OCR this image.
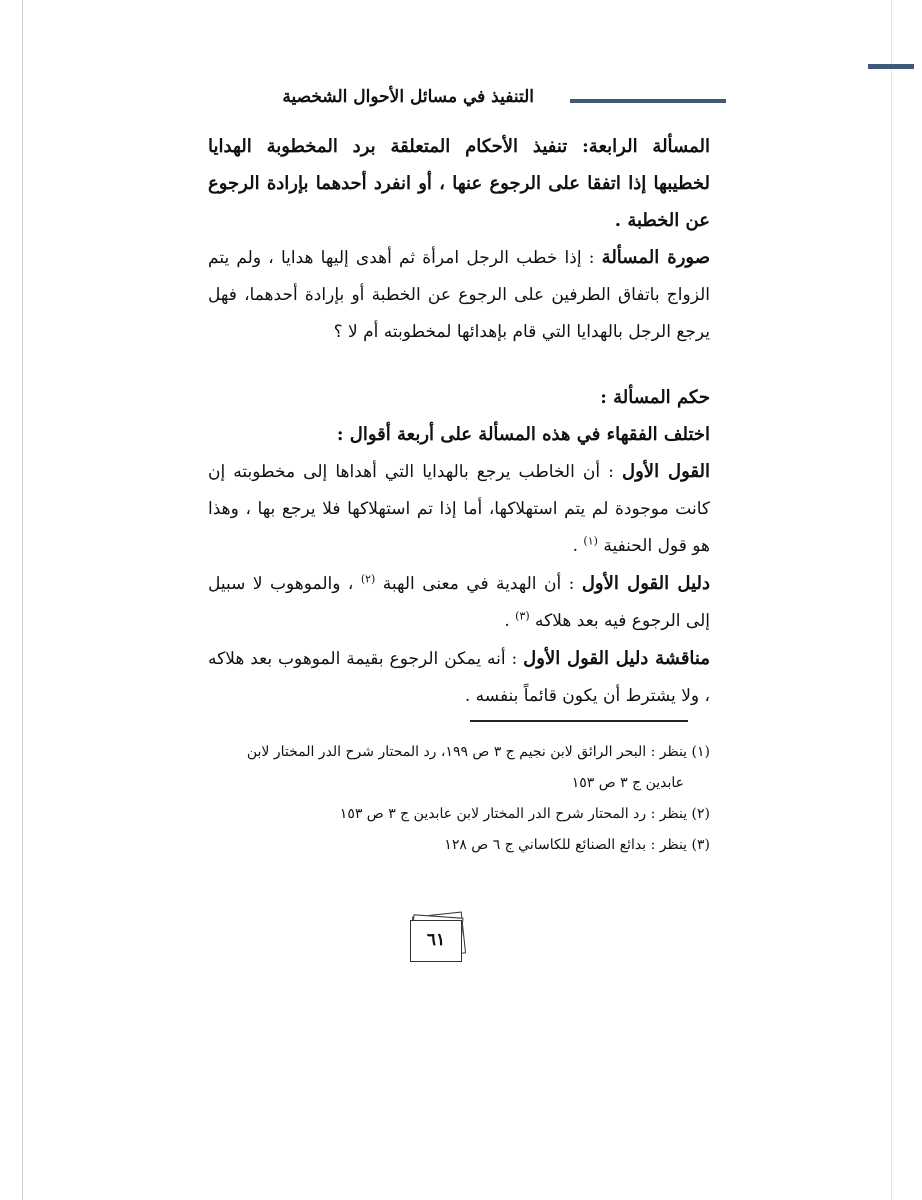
التنفيذ في مسائل الأحوال الشخصية

المسألة الرابعة: تنفيذ الأحكام المتعلقة برد المخطوبة الهدايا لخطيبها إذا اتفقا على الرجوع عنها ، أو انفرد أحدهما بإرادة الرجوع عن الخطبة .

صورة المسألة : إذا خطب الرجل امرأة ثم أهدى إليها هدايا ، ولم يتم الزواج باتفاق الطرفين على الرجوع عن الخطبة أو بإرادة أحدهما، فهل يرجع الرجل بالهدايا التي قام بإهدائها لمخطوبته أم لا ؟

حكم المسألة :

اختلف الفقهاء في هذه المسألة على أربعة أقوال :

القول الأول : أن الخاطب يرجع بالهدايا التي أهداها إلى مخطوبته إن كانت موجودة لم يتم استهلاكها، أما إذا تم استهلاكها فلا يرجع بها ، وهذا هو قول الحنفية $^{(١)}$ .

دليل القول الأول : أن الهدية في معنى الهبة $^{(٢)}$ ، والموهوب لا سبيل إلى الرجوع فيه بعد هلاكه $^{(٣)}$ .

مناقشة دليل القول الأول : أنه يمكن الرجوع بقيمة الموهوب بعد هلاكه ، ولا يشترط أن يكون قائماً بنفسه .

(١) ينظر : البحر الرائق لابن نجيم ج ٣ ص ١٩٩، رد المحتار شرح الدر المختار لابن
عابدين ج ٣ ص ١٥٣

(٢) ينظر : رد المحتار شرح الدر المختار لابن عابدين ج ٣ ص ١٥٣

(٣) ينظر : بدائع الصنائع للكاساني ج ٦ ص ١٢٨

٦١
